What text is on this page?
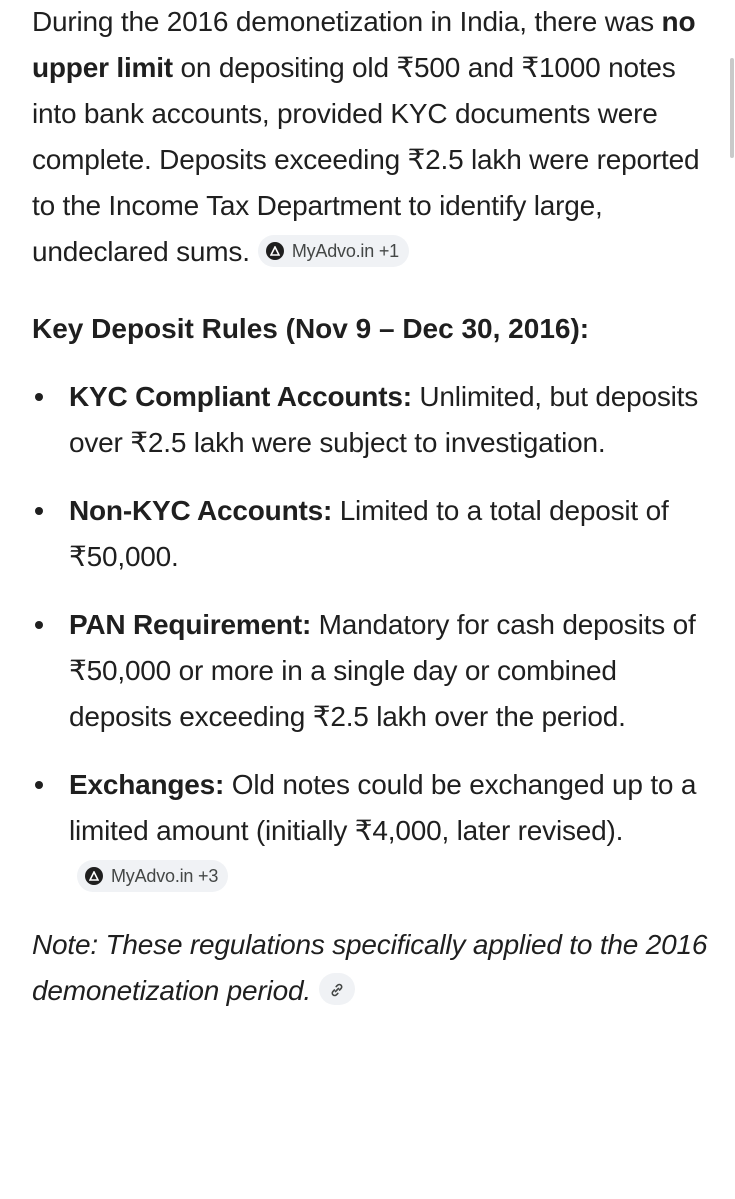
During the 2016 demonetization in India, there was no upper limit on depositing old ₹500 and ₹1000 notes into bank accounts, provided KYC documents were complete. Deposits exceeding ₹2.5 lakh were reported to the Income Tax Department to identify large, undeclared sums. MyAdvo.in +1

Key Deposit Rules (Nov 9 – Dec 30, 2016):
KYC Compliant Accounts: Unlimited, but deposits over ₹2.5 lakh were subject to investigation.
Non-KYC Accounts: Limited to a total deposit of ₹50,000.
PAN Requirement: Mandatory for cash deposits of ₹50,000 or more in a single day or combined deposits exceeding ₹2.5 lakh over the period.
Exchanges: Old notes could be exchanged up to a limited amount (initially ₹4,000, later revised).
MyAdvo.in +3

Note: These regulations specifically applied to the 2016 demonetization period.
